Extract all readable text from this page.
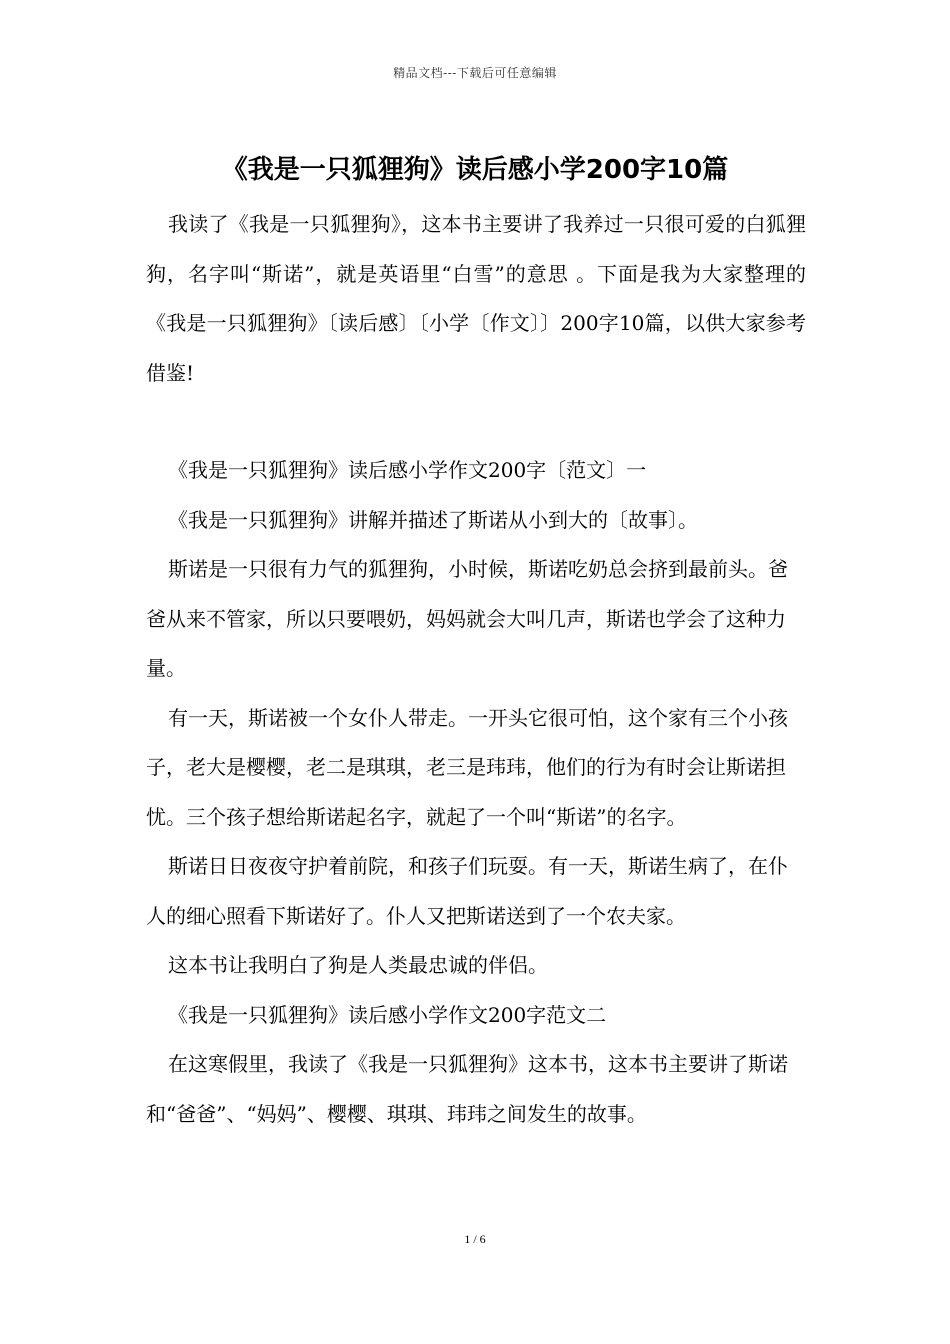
精品文档---下载后可任意编辑
《我是一只狐狸狗》读后感小学200字10篇

我读了《我是一只狐狸狗》，这本书主要讲了我养过一只很可爱的白狐狸狗，名字叫“斯诺”，就是英语里“白雪”的意思 。下面是我为大家整理的《我是一只狐狸狗》〔读后感〕〔小学〔作文〕〕200字10篇，以供大家参考借鉴!

《我是一只狐狸狗》读后感小学作文200字〔范文〕一

《我是一只狐狸狗》讲解并描述了斯诺从小到大的〔故事〕。

斯诺是一只很有力气的狐狸狗，小时候，斯诺吃奶总会挤到最前头。爸爸从来不管家，所以只要喂奶，妈妈就会大叫几声，斯诺也学会了这种力量。

有一天，斯诺被一个女仆人带走。一开头它很可怕，这个家有三个小孩子，老大是樱樱，老二是琪琪，老三是玮玮，他们的行为有时会让斯诺担忧。三个孩子想给斯诺起名字，就起了一个叫“斯诺”的名字。

斯诺日日夜夜守护着前院，和孩子们玩耍。有一天，斯诺生病了，在仆人的细心照看下斯诺好了。仆人又把斯诺送到了一个农夫家。

这本书让我明白了狗是人类最忠诚的伴侣。

《我是一只狐狸狗》读后感小学作文200字范文二

在这寒假里，我读了《我是一只狐狸狗》这本书，这本书主要讲了斯诺和“爸爸”、“妈妈”、樱樱、琪琪、玮玮之间发生的故事。

1 / 6
